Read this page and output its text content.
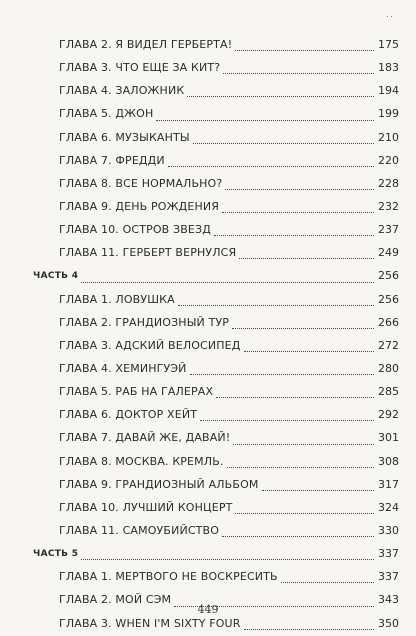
..
ГЛАВА 2. Я ВИДЕЛ ГЕРБЕРТА!	175
ГЛАВА 3. ЧТО ЕЩЕ ЗА КИТ?	183
ГЛАВА 4. ЗАЛОЖНИК	194
ГЛАВА 5. ДЖОН	199
ГЛАВА 6. МУЗЫКАНТЫ	210
ГЛАВА 7. ФРЕДДИ	220
ГЛАВА 8. ВСЕ НОРМАЛЬНО?	228
ГЛАВА 9. ДЕНЬ РОЖДЕНИЯ	232
ГЛАВА 10. ОСТРОВ ЗВЕЗД	237
ГЛАВА 11. ГЕРБЕРТ ВЕРНУЛСЯ	249
ЧАСТЬ 4	256
ГЛАВА 1. ЛОВУШКА	256
ГЛАВА 2. ГРАНДИОЗНЫЙ ТУР	266
ГЛАВА 3. АДСКИЙ ВЕЛОСИПЕД	272
ГЛАВА 4. ХЕМИНГУЭЙ	280
ГЛАВА 5. РАБ НА ГАЛЕРАХ	285
ГЛАВА 6. ДОКТОР ХЕЙТ	292
ГЛАВА 7. ДАВАЙ ЖЕ, ДАВАЙ!	301
ГЛАВА 8. МОСКВА. КРЕМЛЬ.	308
ГЛАВА 9. ГРАНДИОЗНЫЙ АЛЬБОМ	317
ГЛАВА 10. ЛУЧШИЙ КОНЦЕРТ	324
ГЛАВА 11. САМОУБИЙСТВО	330
ЧАСТЬ 5	337
ГЛАВА 1. МЕРТВОГО НЕ ВОСКРЕСИТЬ	337
ГЛАВА 2. МОЙ СЭМ	343
ГЛАВА 3. WHEN I'M SIXTY FOUR	350
449
